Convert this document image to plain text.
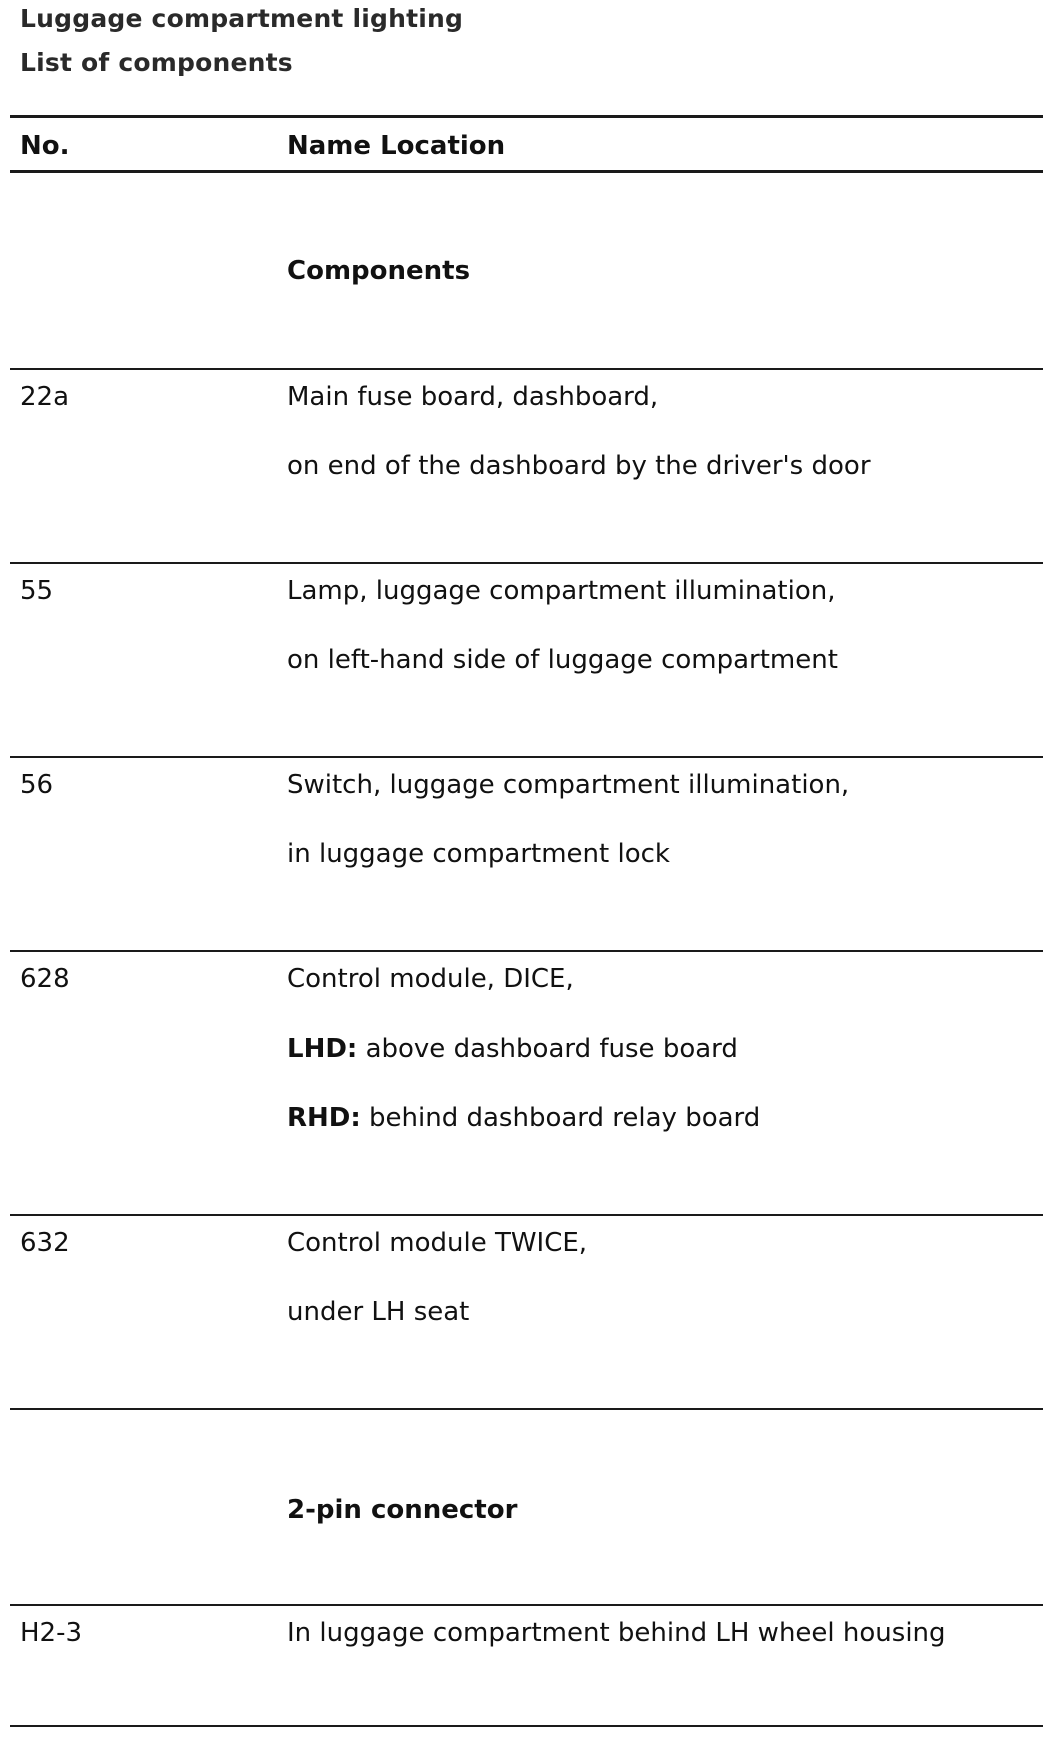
Luggage compartment lighting
List of components
No.	Name Location
Components
22a	Main fuse board, dashboard,
on end of the dashboard by the driver's door
55	Lamp, luggage compartment illumination,
on left-hand side of luggage compartment
56	Switch, luggage compartment illumination,
in luggage compartment lock
628	Control module, DICE,
LHD: above dashboard fuse board
RHD: behind dashboard relay board
632	Control module TWICE,
under LH seat
2-pin connector
H2-3	In luggage compartment behind LH wheel housing
